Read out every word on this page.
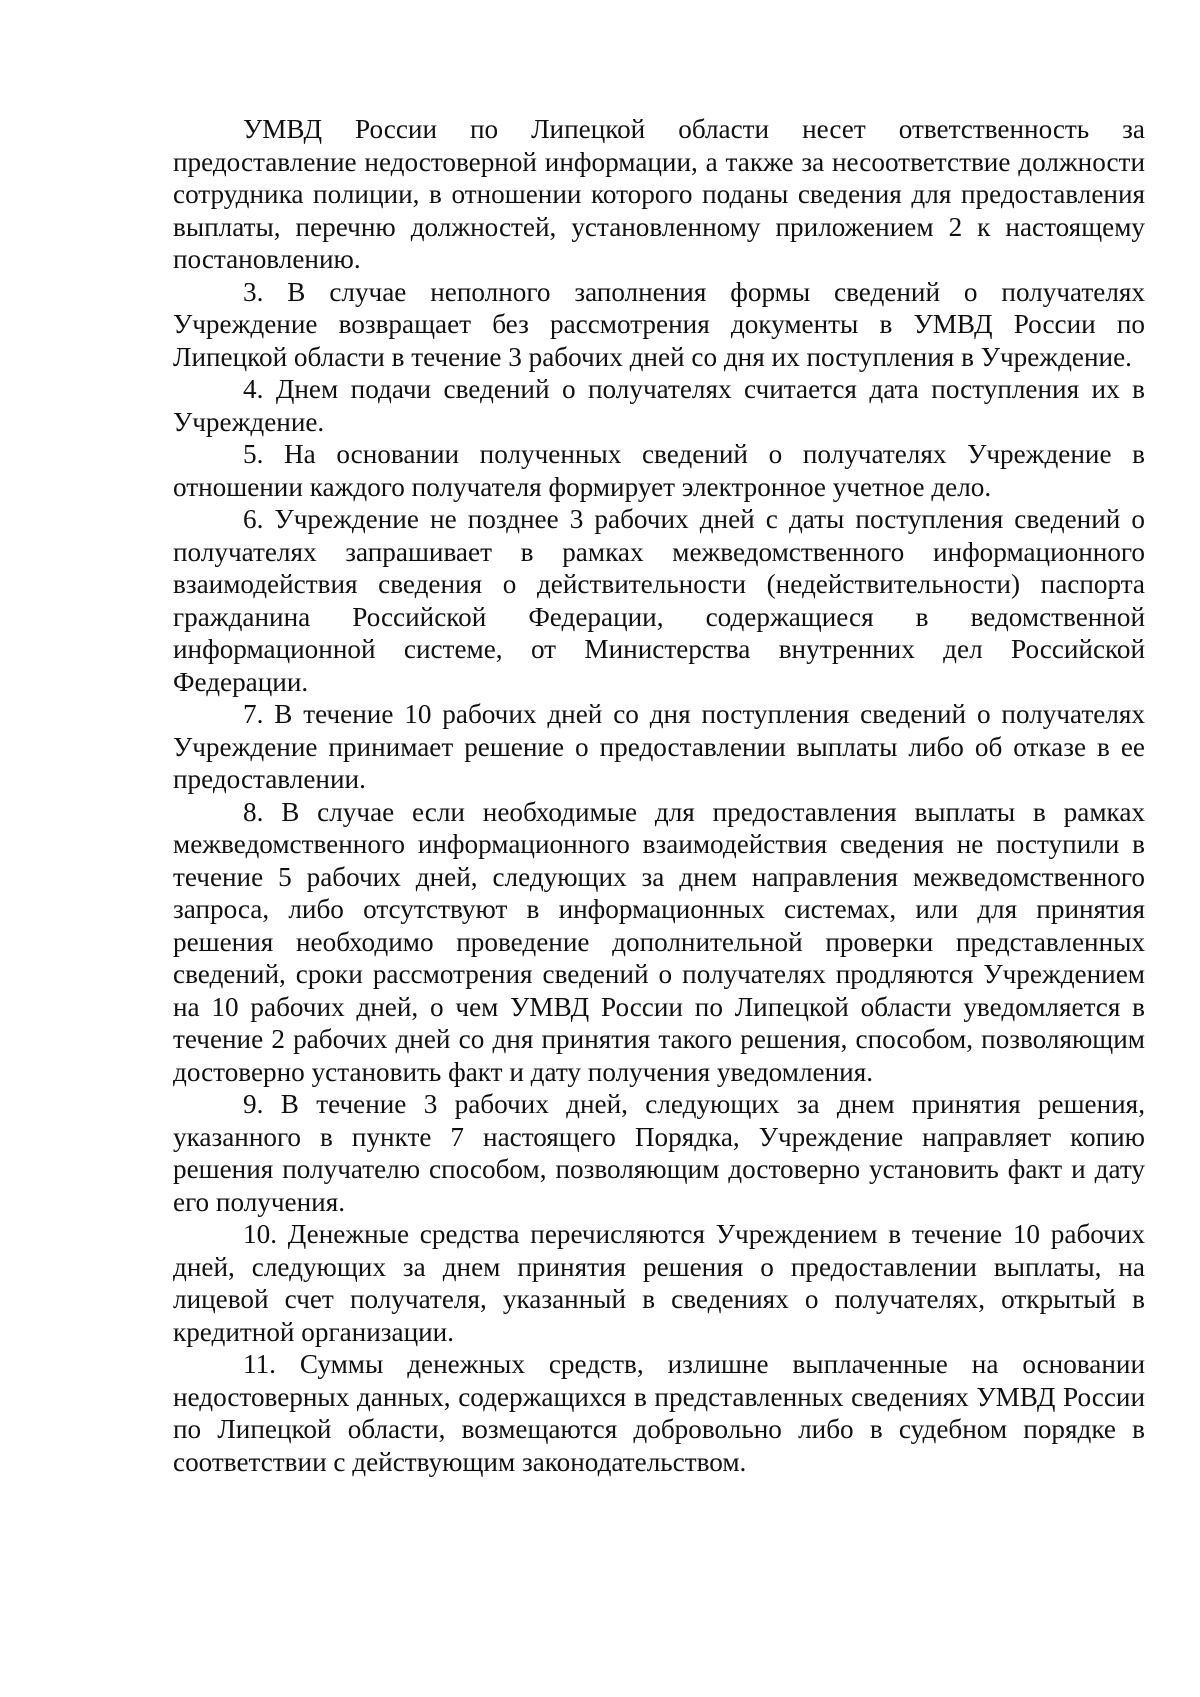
УМВД России по Липецкой области несет ответственность за предоставление недостоверной информации, а также за несоответствие должности сотрудника полиции, в отношении которого поданы сведения для предоставления выплаты, перечню должностей, установленному приложением 2 к настоящему постановлению.

3. В случае неполного заполнения формы сведений о получателях Учреждение возвращает без рассмотрения документы в УМВД России по Липецкой области в течение 3 рабочих дней со дня их поступления в Учреждение.

4. Днем подачи сведений о получателях считается дата поступления их в Учреждение.

5. На основании полученных сведений о получателях Учреждение в отношении каждого получателя формирует электронное учетное дело.

6. Учреждение не позднее 3 рабочих дней с даты поступления сведений о получателях запрашивает в рамках межведомственного информационного взаимодействия сведения о действительности (недействительности) паспорта гражданина Российской Федерации, содержащиеся в ведомственной информационной системе, от Министерства внутренних дел Российской Федерации.

7. В течение 10 рабочих дней со дня поступления сведений о получателях Учреждение принимает решение о предоставлении выплаты либо об отказе в ее предоставлении.

8. В случае если необходимые для предоставления выплаты в рамках межведомственного информационного взаимодействия сведения не поступили в течение 5 рабочих дней, следующих за днем направления межведомственного запроса, либо отсутствуют в информационных системах, или для принятия решения необходимо проведение дополнительной проверки представленных сведений, сроки рассмотрения сведений о получателях продляются Учреждением на 10 рабочих дней, о чем УМВД России по Липецкой области уведомляется в течение 2 рабочих дней со дня принятия такого решения, способом, позволяющим достоверно установить факт и дату получения уведомления.

9. В течение 3 рабочих дней, следующих за днем принятия решения, указанного в пункте 7 настоящего Порядка, Учреждение направляет копию решения получателю способом, позволяющим достоверно установить факт и дату его получения.

10. Денежные средства перечисляются Учреждением в течение 10 рабочих дней, следующих за днем принятия решения о предоставлении выплаты, на лицевой счет получателя, указанный в сведениях о получателях, открытый в кредитной организации.

11. Суммы денежных средств, излишне выплаченные на основании недостоверных данных, содержащихся в представленных сведениях УМВД России по Липецкой области, возмещаются добровольно либо в судебном порядке в соответствии с действующим законодательством.
